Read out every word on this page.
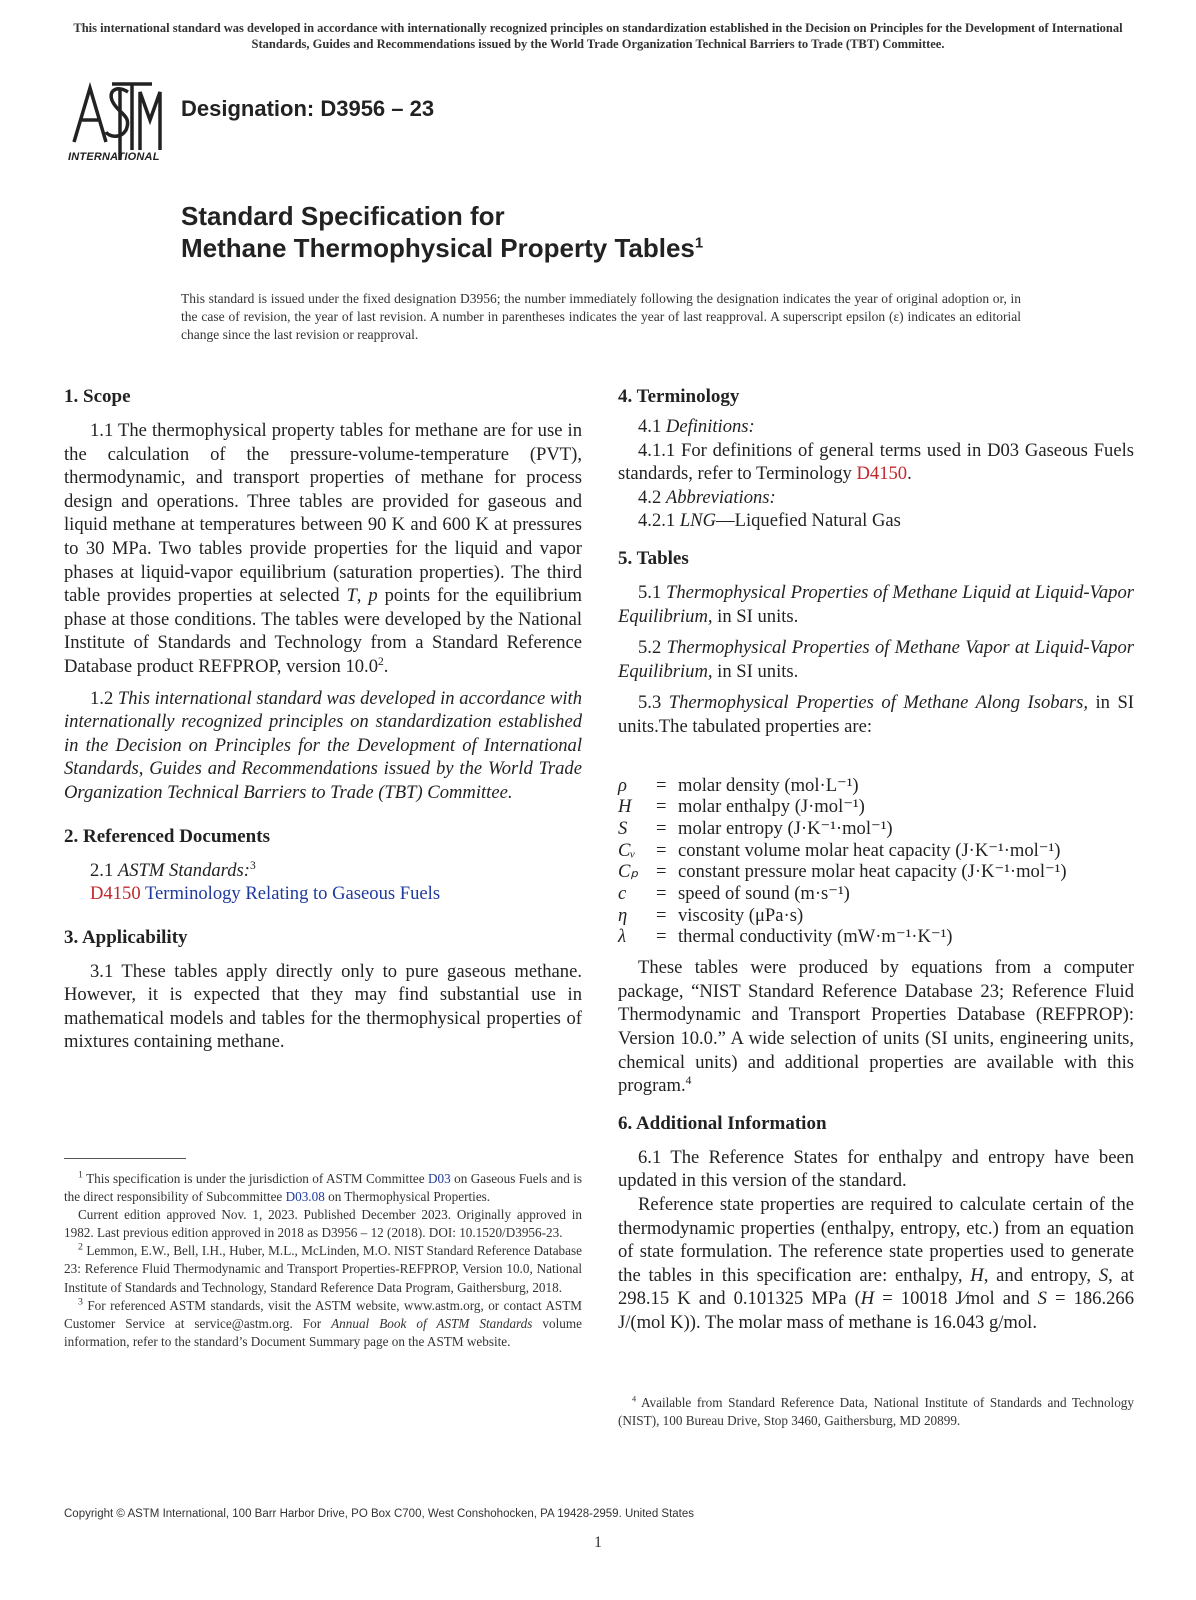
This international standard was developed in accordance with internationally recognized principles on standardization established in the Decision on Principles for the Development of International Standards, Guides and Recommendations issued by the World Trade Organization Technical Barriers to Trade (TBT) Committee.
INTERNATIONAL
Designation: D3956 – 23
Standard Specification for
Methane Thermophysical Property Tables$^1$
This standard is issued under the fixed designation D3956; the number immediately following the designation indicates the year of original adoption or, in the case of revision, the year of last revision. A number in parentheses indicates the year of last reapproval. A superscript epsilon (ε) indicates an editorial change since the last revision or reapproval.
1. Scope

1.1 The thermophysical property tables for methane are for use in the calculation of the pressure-volume-temperature (PVT), thermodynamic, and transport properties of methane for process design and operations. Three tables are provided for gaseous and liquid methane at temperatures between 90 K and 600 K at pressures to 30 MPa. Two tables provide properties for the liquid and vapor phases at liquid-vapor equilibrium (saturation properties). The third table provides properties at selected T, p points for the equilibrium phase at those conditions. The tables were developed by the National Institute of Standards and Technology from a Standard Reference Database product REFPROP, version 10.0$^2$.

1.2 This international standard was developed in accordance with internationally recognized principles on standardization established in the Decision on Principles for the Development of International Standards, Guides and Recommendations issued by the World Trade Organization Technical Barriers to Trade (TBT) Committee.

2. Referenced Documents

2.1 ASTM Standards:$^3$

D4150 Terminology Relating to Gaseous Fuels

3. Applicability

3.1 These tables apply directly only to pure gaseous methane. However, it is expected that they may find substantial use in mathematical models and tables for the thermophysical properties of mixtures containing methane.

4. Terminology

4.1 Definitions:

4.1.1 For definitions of general terms used in D03 Gaseous Fuels standards, refer to Terminology D4150.

4.2 Abbreviations:

4.2.1 LNG—Liquefied Natural Gas

5. Tables

5.1 Thermophysical Properties of Methane Liquid at Liquid-Vapor Equilibrium, in SI units.

5.2 Thermophysical Properties of Methane Vapor at Liquid-Vapor Equilibrium, in SI units.

5.3 Thermophysical Properties of Methane Along Isobars, in SI units.The tabulated properties are:

ρ	= molar density (mol·L⁻¹)
H	= molar enthalpy (J·mol⁻¹)
S	= molar entropy (J·K⁻¹·mol⁻¹)
Cᵥ	= constant volume molar heat capacity (J·K⁻¹·mol⁻¹)
Cₚ = constant pressure molar heat capacity (J·K⁻¹·mol⁻¹)
c	= speed of sound (m·s⁻¹)
η	= viscosity (μPa·s)
λ	= thermal conductivity (mW·m⁻¹·K⁻¹)

These tables were produced by equations from a computer package, “NIST Standard Reference Database 23; Reference Fluid Thermodynamic and Transport Properties Database (REFPROP): Version 10.0.” A wide selection of units (SI units, engineering units, chemical units) and additional properties are available with this program.$^4$

6. Additional Information

6.1 The Reference States for enthalpy and entropy have been updated in this version of the standard.

Reference state properties are required to calculate certain of the thermodynamic properties (enthalpy, entropy, etc.) from an equation of state formulation. The reference state properties used to generate the tables in this specification are: enthalpy, H, and entropy, S, at 298.15 K and 0.101325 MPa (H = 10018 J⁄mol and S = 186.266 J/(mol K)). The molar mass of methane is 16.043 g/mol.

$^1$ This specification is under the jurisdiction of ASTM Committee D03 on Gaseous Fuels and is the direct responsibility of Subcommittee D03.08 on Thermophysical Properties.

Current edition approved Nov. 1, 2023. Published December 2023. Originally approved in 1982. Last previous edition approved in 2018 as D3956 – 12 (2018). DOI: 10.1520/D3956-23.

$^2$ Lemmon, E.W., Bell, I.H., Huber, M.L., McLinden, M.O. NIST Standard Reference Database 23: Reference Fluid Thermodynamic and Transport Properties-REFPROP, Version 10.0, National Institute of Standards and Technology, Standard Reference Data Program, Gaithersburg, 2018.

$^3$ For referenced ASTM standards, visit the ASTM website, www.astm.org, or contact ASTM Customer Service at service@astm.org. For Annual Book of ASTM Standards volume information, refer to the standard’s Document Summary page on the ASTM website.

$^4$ Available from Standard Reference Data, National Institute of Standards and Technology (NIST), 100 Bureau Drive, Stop 3460, Gaithersburg, MD 20899.

Copyright © ASTM International, 100 Barr Harbor Drive, PO Box C700, West Conshohocken, PA 19428-2959. United States
1
